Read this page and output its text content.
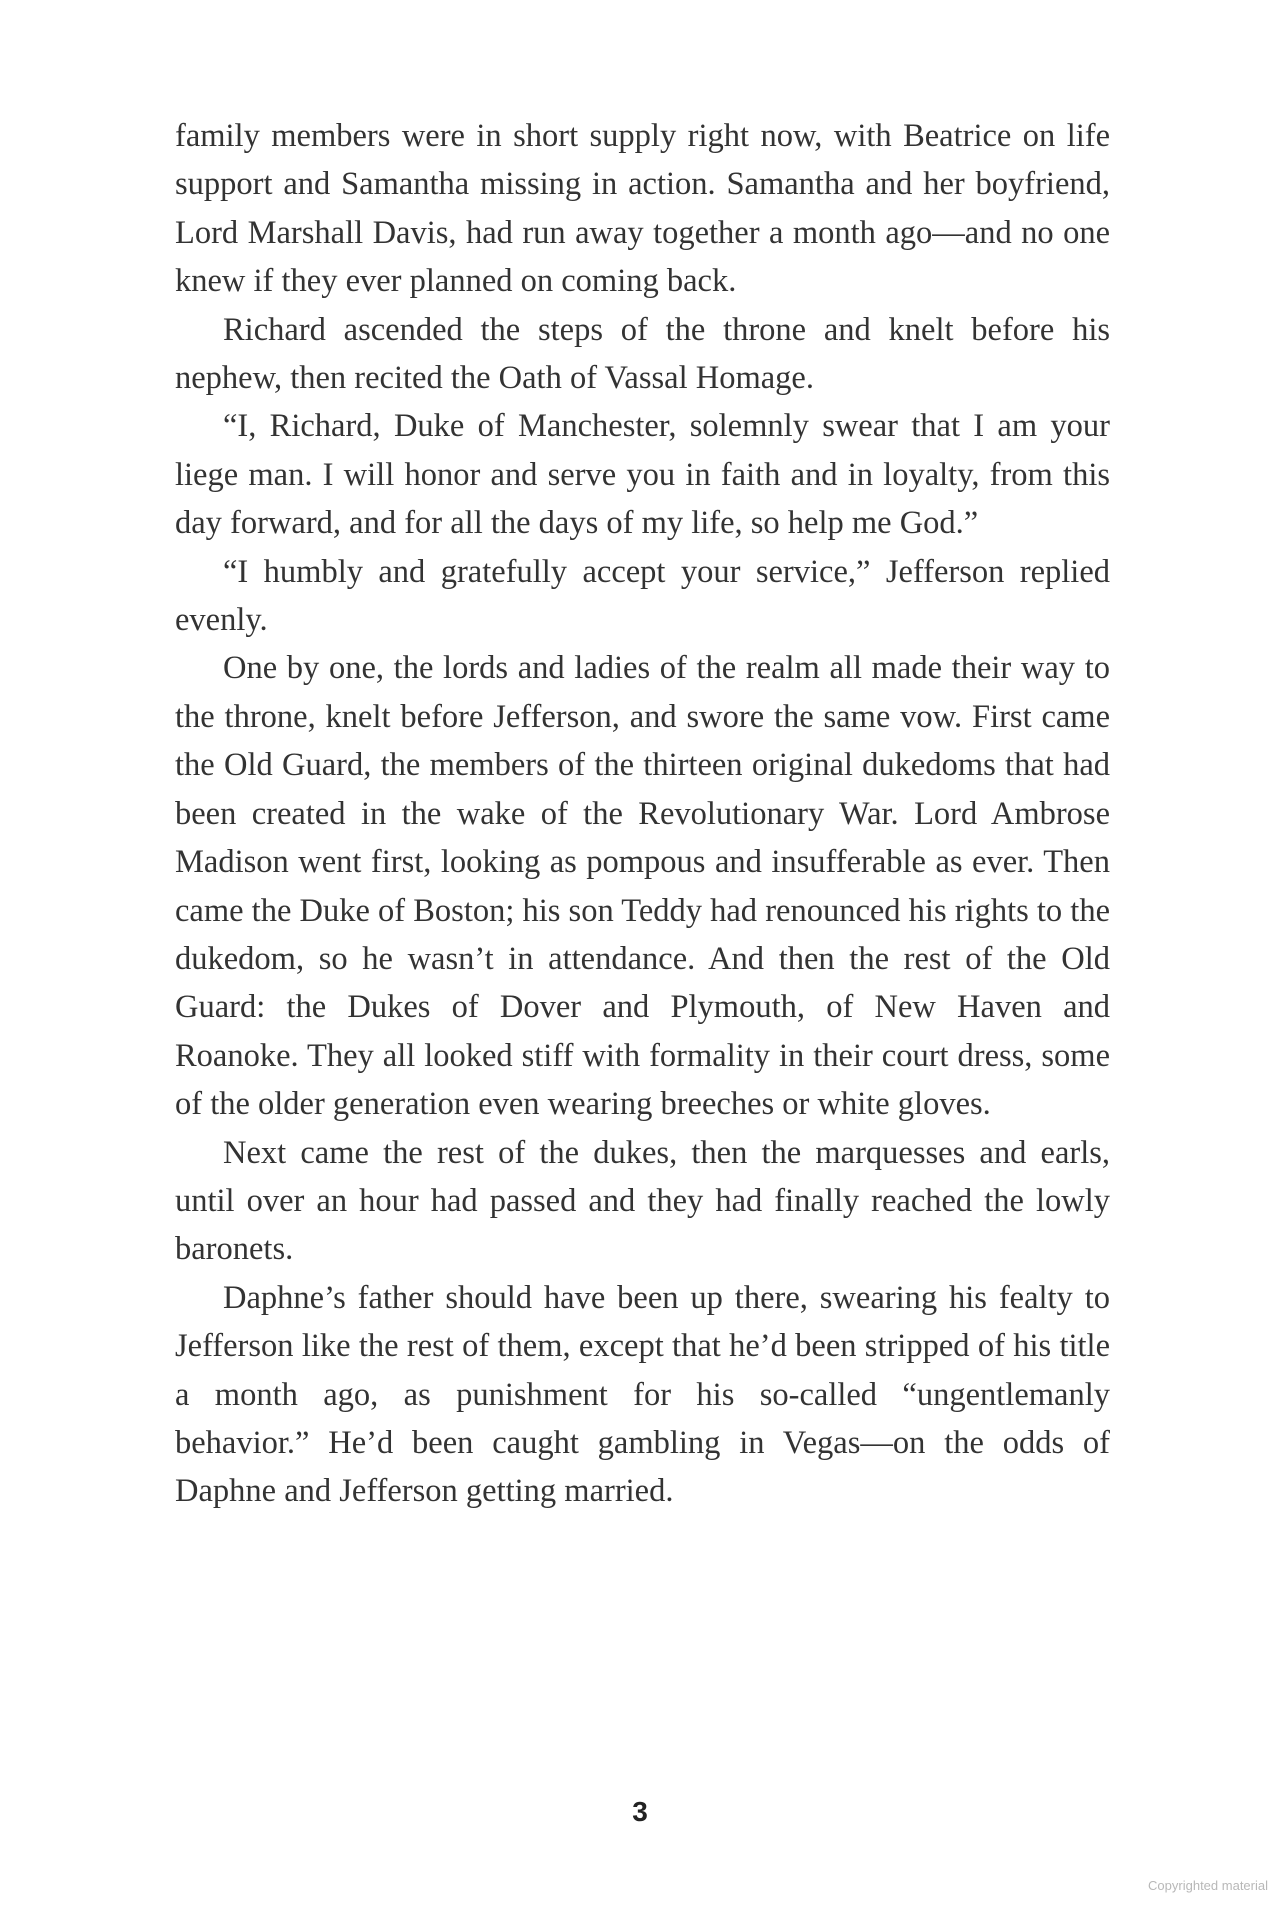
family members were in short supply right now, with Beatrice on life support and Samantha missing in action. Samantha and her boyfriend, Lord Marshall Davis, had run away together a month ago—and no one knew if they ever planned on coming back.

Richard ascended the steps of the throne and knelt before his nephew, then recited the Oath of Vassal Homage.

“I, Richard, Duke of Manchester, solemnly swear that I am your liege man. I will honor and serve you in faith and in loyalty, from this day forward, and for all the days of my life, so help me God.”

“I humbly and gratefully accept your service,” Jefferson replied evenly.

One by one, the lords and ladies of the realm all made their way to the throne, knelt before Jefferson, and swore the same vow. First came the Old Guard, the members of the thirteen original dukedoms that had been created in the wake of the Revolutionary War. Lord Ambrose Madison went first, looking as pompous and insufferable as ever. Then came the Duke of Boston; his son Teddy had renounced his rights to the dukedom, so he wasn’t in attendance. And then the rest of the Old Guard: the Dukes of Dover and Plymouth, of New Haven and Roanoke. They all looked stiff with formality in their court dress, some of the older generation even wearing breeches or white gloves.

Next came the rest of the dukes, then the marquesses and earls, until over an hour had passed and they had finally reached the lowly baronets.

Daphne’s father should have been up there, swearing his fealty to Jefferson like the rest of them, except that he’d been stripped of his title a month ago, as punishment for his so-called “ungentlemanly behavior.” He’d been caught gambling in Vegas—on the odds of Daphne and Jefferson getting married.

3
Copyrighted material
